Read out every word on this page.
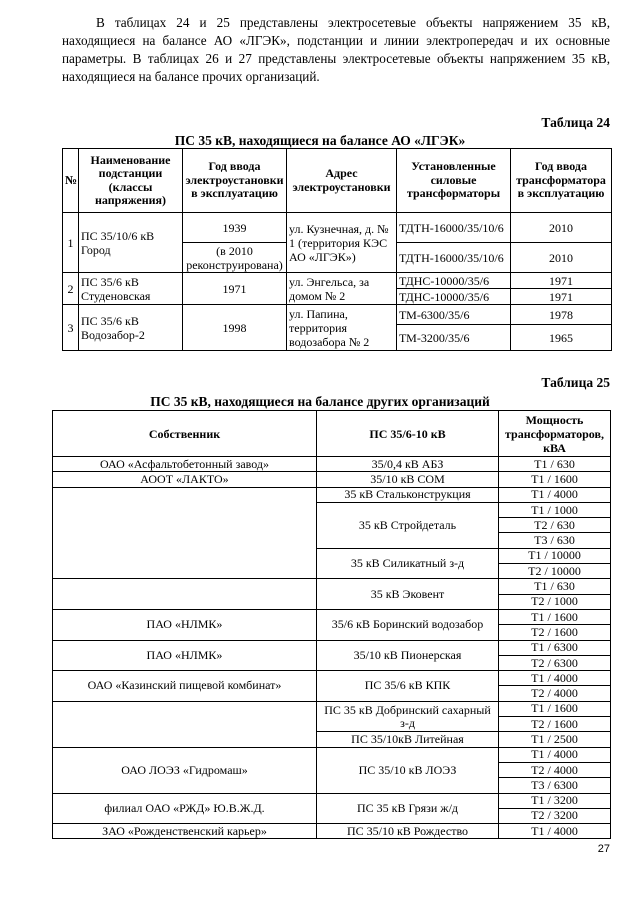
В таблицах 24 и 25 представлены электросетевые объекты напряжением 35 кВ, находящиеся на балансе АО «ЛГЭК», подстанции и линии электропередач и их основные параметры. В таблицах 26 и 27 представлены электросетевые объекты напряжением 35 кВ, находящиеся на балансе прочих организаций.

Таблица 24
ПС 35 кВ, находящиеся на балансе АО «ЛГЭК»
№	Наименование подстанции (классы напряжения)	Год ввода электроустановки в эксплуатацию	Адрес электроустановки	Установленные силовые трансформаторы	Год ввода трансформатора в эксплуатацию
1	ПС 35/10/6 кВ Город	1939	ул. Кузнечная, д. № 1 (территория КЭС АО «ЛГЭК»)	ТДТН-16000/35/10/6	2010
		(в 2010 реконструирована)		ТДТН-16000/35/10/6	2010
2	ПС 35/6 кВ Студеновская	1971	ул. Энгельса, за домом № 2	ТДНС-10000/35/6	1971
				ТДНС-10000/35/6	1971
3	ПС 35/6 кВ Водозабор-2	1998	ул. Папина, территория водозабора № 2	ТМ-6300/35/6	1978
				ТМ-3200/35/6	1965
Таблица 25
ПС 35 кВ, находящиеся на балансе других организаций
Собственник	ПС 35/6-10 кВ	Мощность трансформаторов, кВА
ОАО «Асфальтобетонный завод»	35/0,4 кВ АБЗ	Т1 / 630
АООТ «ЛАКТО»	35/10 кВ СОМ	Т1 / 1600
	35 кВ Стальконструкция	Т1 / 4000
	35 кВ Стройдеталь	Т1 / 1000
		Т2 / 630
		Т3 / 630
	35 кВ Силикатный з-д	Т1 / 10000
		Т2 / 10000
	35 кВ Эковент	Т1 / 630
		Т2 / 1000
ПАО «НЛМК»	35/6 кВ Боринский водозабор	Т1 / 1600
		Т2 / 1600
ПАО «НЛМК»	35/10 кВ Пионерская	Т1 / 6300
		Т2 / 6300
ОАО «Казинский пищевой комбинат»	ПС 35/6 кВ КПК	Т1 / 4000
		Т2 / 4000
	ПС 35 кВ Добринский сахарный з-д	Т1 / 1600
		Т2 / 1600
	ПС 35/10кВ Литейная	Т1 / 2500
ОАО ЛОЭЗ «Гидромаш»	ПС 35/10 кВ ЛОЭЗ	Т1 / 4000
		Т2 / 4000
		Т3 / 6300
филиал ОАО «РЖД» Ю.В.Ж.Д.	ПС 35 кВ Грязи ж/д	Т1 / 3200
		Т2 / 3200
ЗАО «Рожденственский карьер»	ПС 35/10 кВ Рождество	Т1 / 4000
27
